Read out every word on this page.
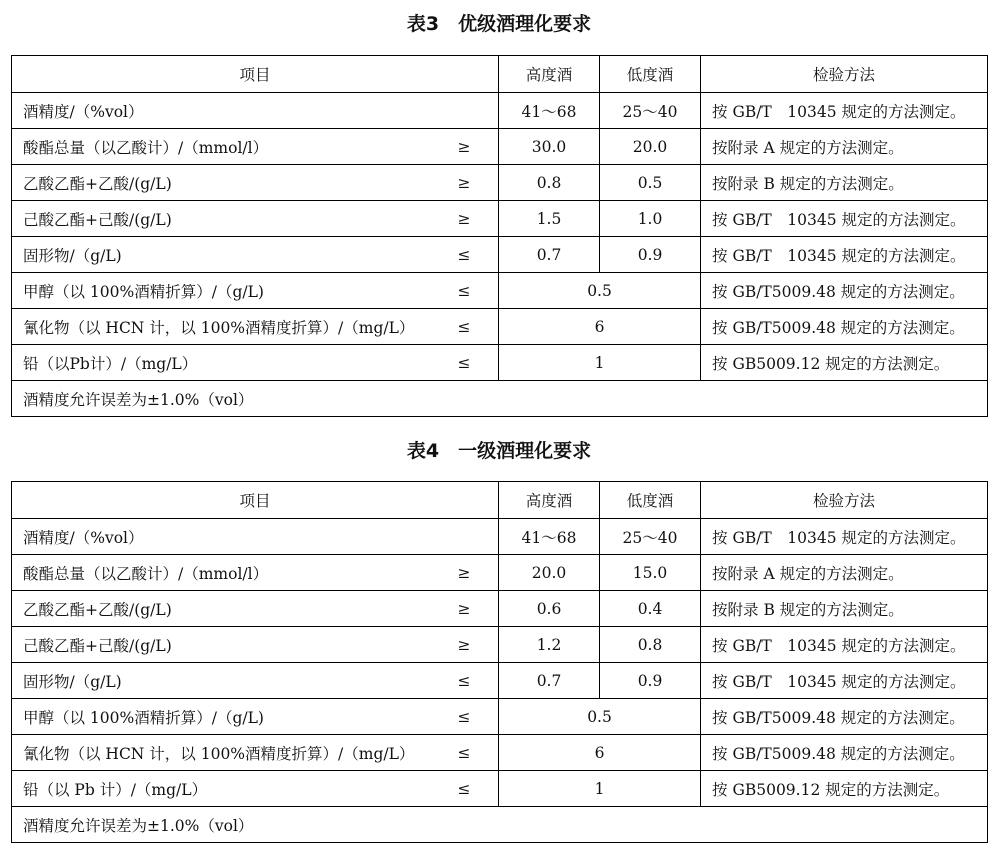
表3　优级酒理化要求
项目		高度酒	低度酒	检验方法
酒精度/（%vol）		41～68	25～40	按 GB/T　10345 规定的方法测定。
酸酯总量（以乙酸计）/（mmol/l）	≥	30.0	20.0	按附录 A 规定的方法测定。
乙酸乙酯+乙酸/(g/L)	≥	0.8	0.5	按附录 B 规定的方法测定。
己酸乙酯+己酸/(g/L)	≥	1.5	1.0	按 GB/T　10345 规定的方法测定。
固形物/（g/L)	≤	0.7	0.9	按 GB/T　10345 规定的方法测定。
甲醇（以 100%酒精折算）/（g/L)	≤	0.5		按 GB/T5009.48 规定的方法测定。
氰化物（以 HCN 计，以 100%酒精度折算）/（mg/L）	≤	6		按 GB/T5009.48 规定的方法测定。
铅（以Pb计）/（mg/L）	≤	1		按 GB5009.12 规定的方法测定。
酒精度允许误差为±1.0%（vol）				
表4　一级酒理化要求
项目		高度酒	低度酒	检验方法
酒精度/（%vol）		41～68	25～40	按 GB/T　10345 规定的方法测定。
酸酯总量（以乙酸计）/（mmol/l）	≥	20.0	15.0	按附录 A 规定的方法测定。
乙酸乙酯+乙酸/(g/L)	≥	0.6	0.4	按附录 B 规定的方法测定。
己酸乙酯+己酸/(g/L)	≥	1.2	0.8	按 GB/T　10345 规定的方法测定。
固形物/（g/L)	≤	0.7	0.9	按 GB/T　10345 规定的方法测定。
甲醇（以 100%酒精折算）/（g/L)	≤	0.5		按 GB/T5009.48 规定的方法测定。
氰化物（以 HCN 计，以 100%酒精度折算）/（mg/L）	≤	6		按 GB/T5009.48 规定的方法测定。
铅（以 Pb 计）/（mg/L）	≤	1		按 GB5009.12 规定的方法测定。
酒精度允许误差为±1.0%（vol）				
